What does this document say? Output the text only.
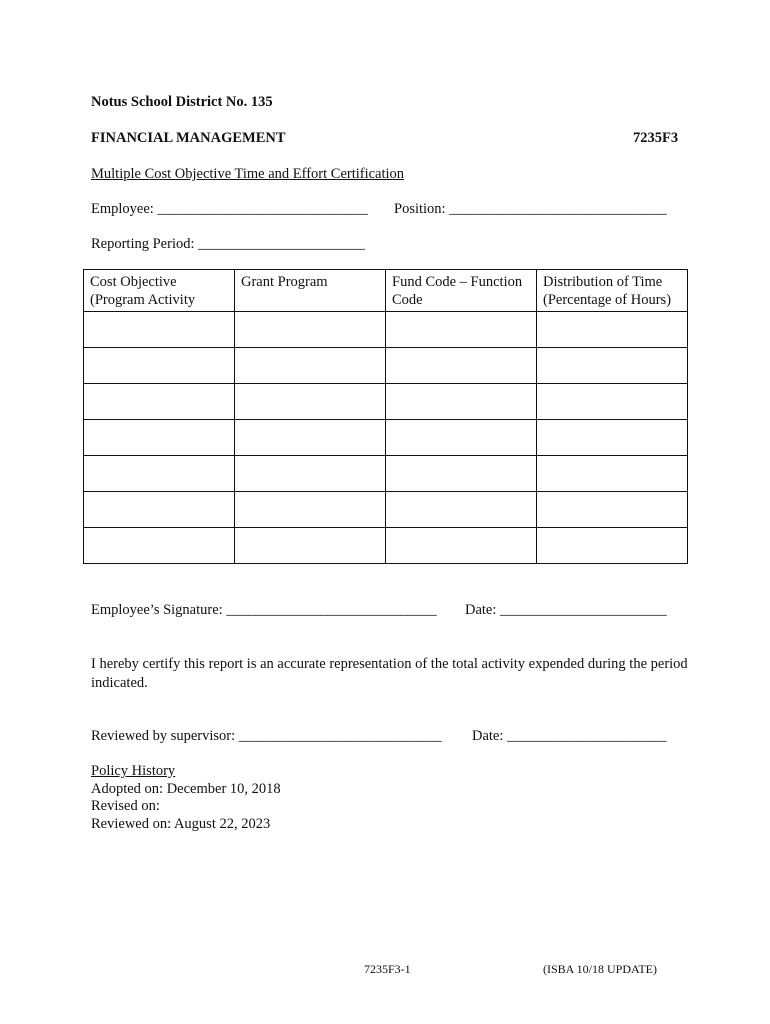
Notus School District No. 135
FINANCIAL MANAGEMENT	7235F3
Multiple Cost Objective Time and Effort Certification
Employee: _____________________________ Position: ______________________________
Reporting Period: _______________________
Cost Objective (Program Activity	Grant Program	Fund Code – Function Code	Distribution of Time (Percentage of Hours)

Employee’s Signature: _____________________________ Date: _______________________
I hereby certify this report is an accurate representation of the total activity expended during the period indicated.
Reviewed by supervisor: ____________________________ Date: ______________________
Policy History
Adopted on: December 10, 2018
Revised on:
Reviewed on: August 22, 2023
7235F3-1	(ISBA 10/18 UPDATE)
